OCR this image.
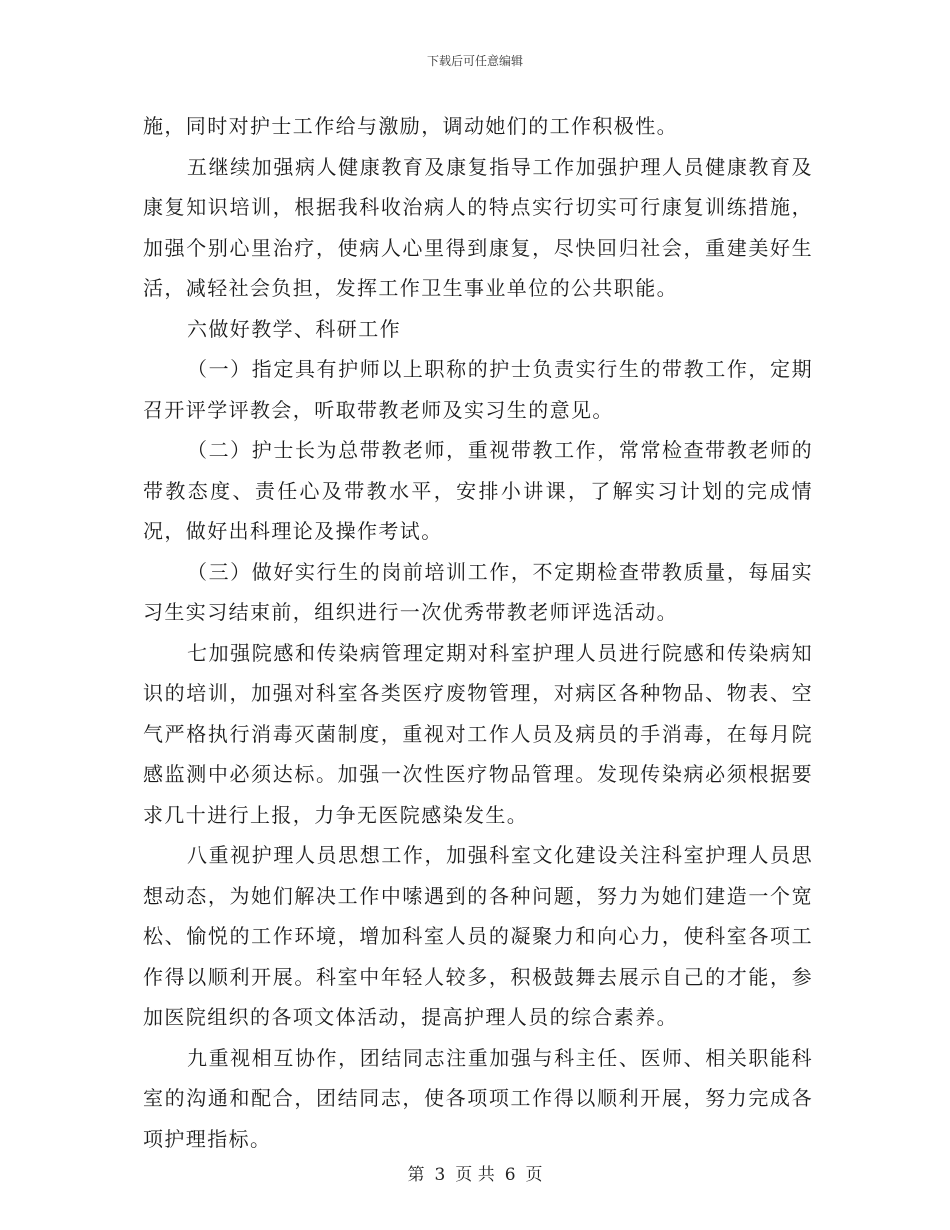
下载后可任意编辑

施，同时对护士工作给与激励，调动她们的工作积极性。

五继续加强病人健康教育及康复指导工作加强护理人员健康教育及康复知识培训，根据我科收治病人的特点实行切实可行康复训练措施，加强个别心里治疗，使病人心里得到康复，尽快回归社会，重建美好生活，减轻社会负担，发挥工作卫生事业单位的公共职能。

六做好教学、科研工作

（一）指定具有护师以上职称的护士负责实行生的带教工作，定期召开评学评教会，听取带教老师及实习生的意见。

（二）护士长为总带教老师，重视带教工作，常常检查带教老师的带教态度、责任心及带教水平，安排小讲课，了解实习计划的完成情况，做好出科理论及操作考试。

（三）做好实行生的岗前培训工作，不定期检查带教质量，每届实习生实习结束前，组织进行一次优秀带教老师评选活动。

七加强院感和传染病管理定期对科室护理人员进行院感和传染病知识的培训，加强对科室各类医疗废物管理，对病区各种物品、物表、空气严格执行消毒灭菌制度，重视对工作人员及病员的手消毒，在每月院感监测中必须达标。加强一次性医疗物品管理。发现传染病必须根据要求几十进行上报，力争无医院感染发生。

八重视护理人员思想工作，加强科室文化建设关注科室护理人员思想动态，为她们解决工作中嗦遇到的各种问题，努力为她们建造一个宽松、愉悦的工作环境，增加科室人员的凝聚力和向心力，使科室各项工作得以顺利开展。科室中年轻人较多，积极鼓舞去展示自己的才能，参加医院组织的各项文体活动，提高护理人员的综合素养。

九重视相互协作，团结同志注重加强与科主任、医师、相关职能科室的沟通和配合，团结同志，使各项项工作得以顺利开展，努力完成各项护理指标。

第 3 页 共 6 页
